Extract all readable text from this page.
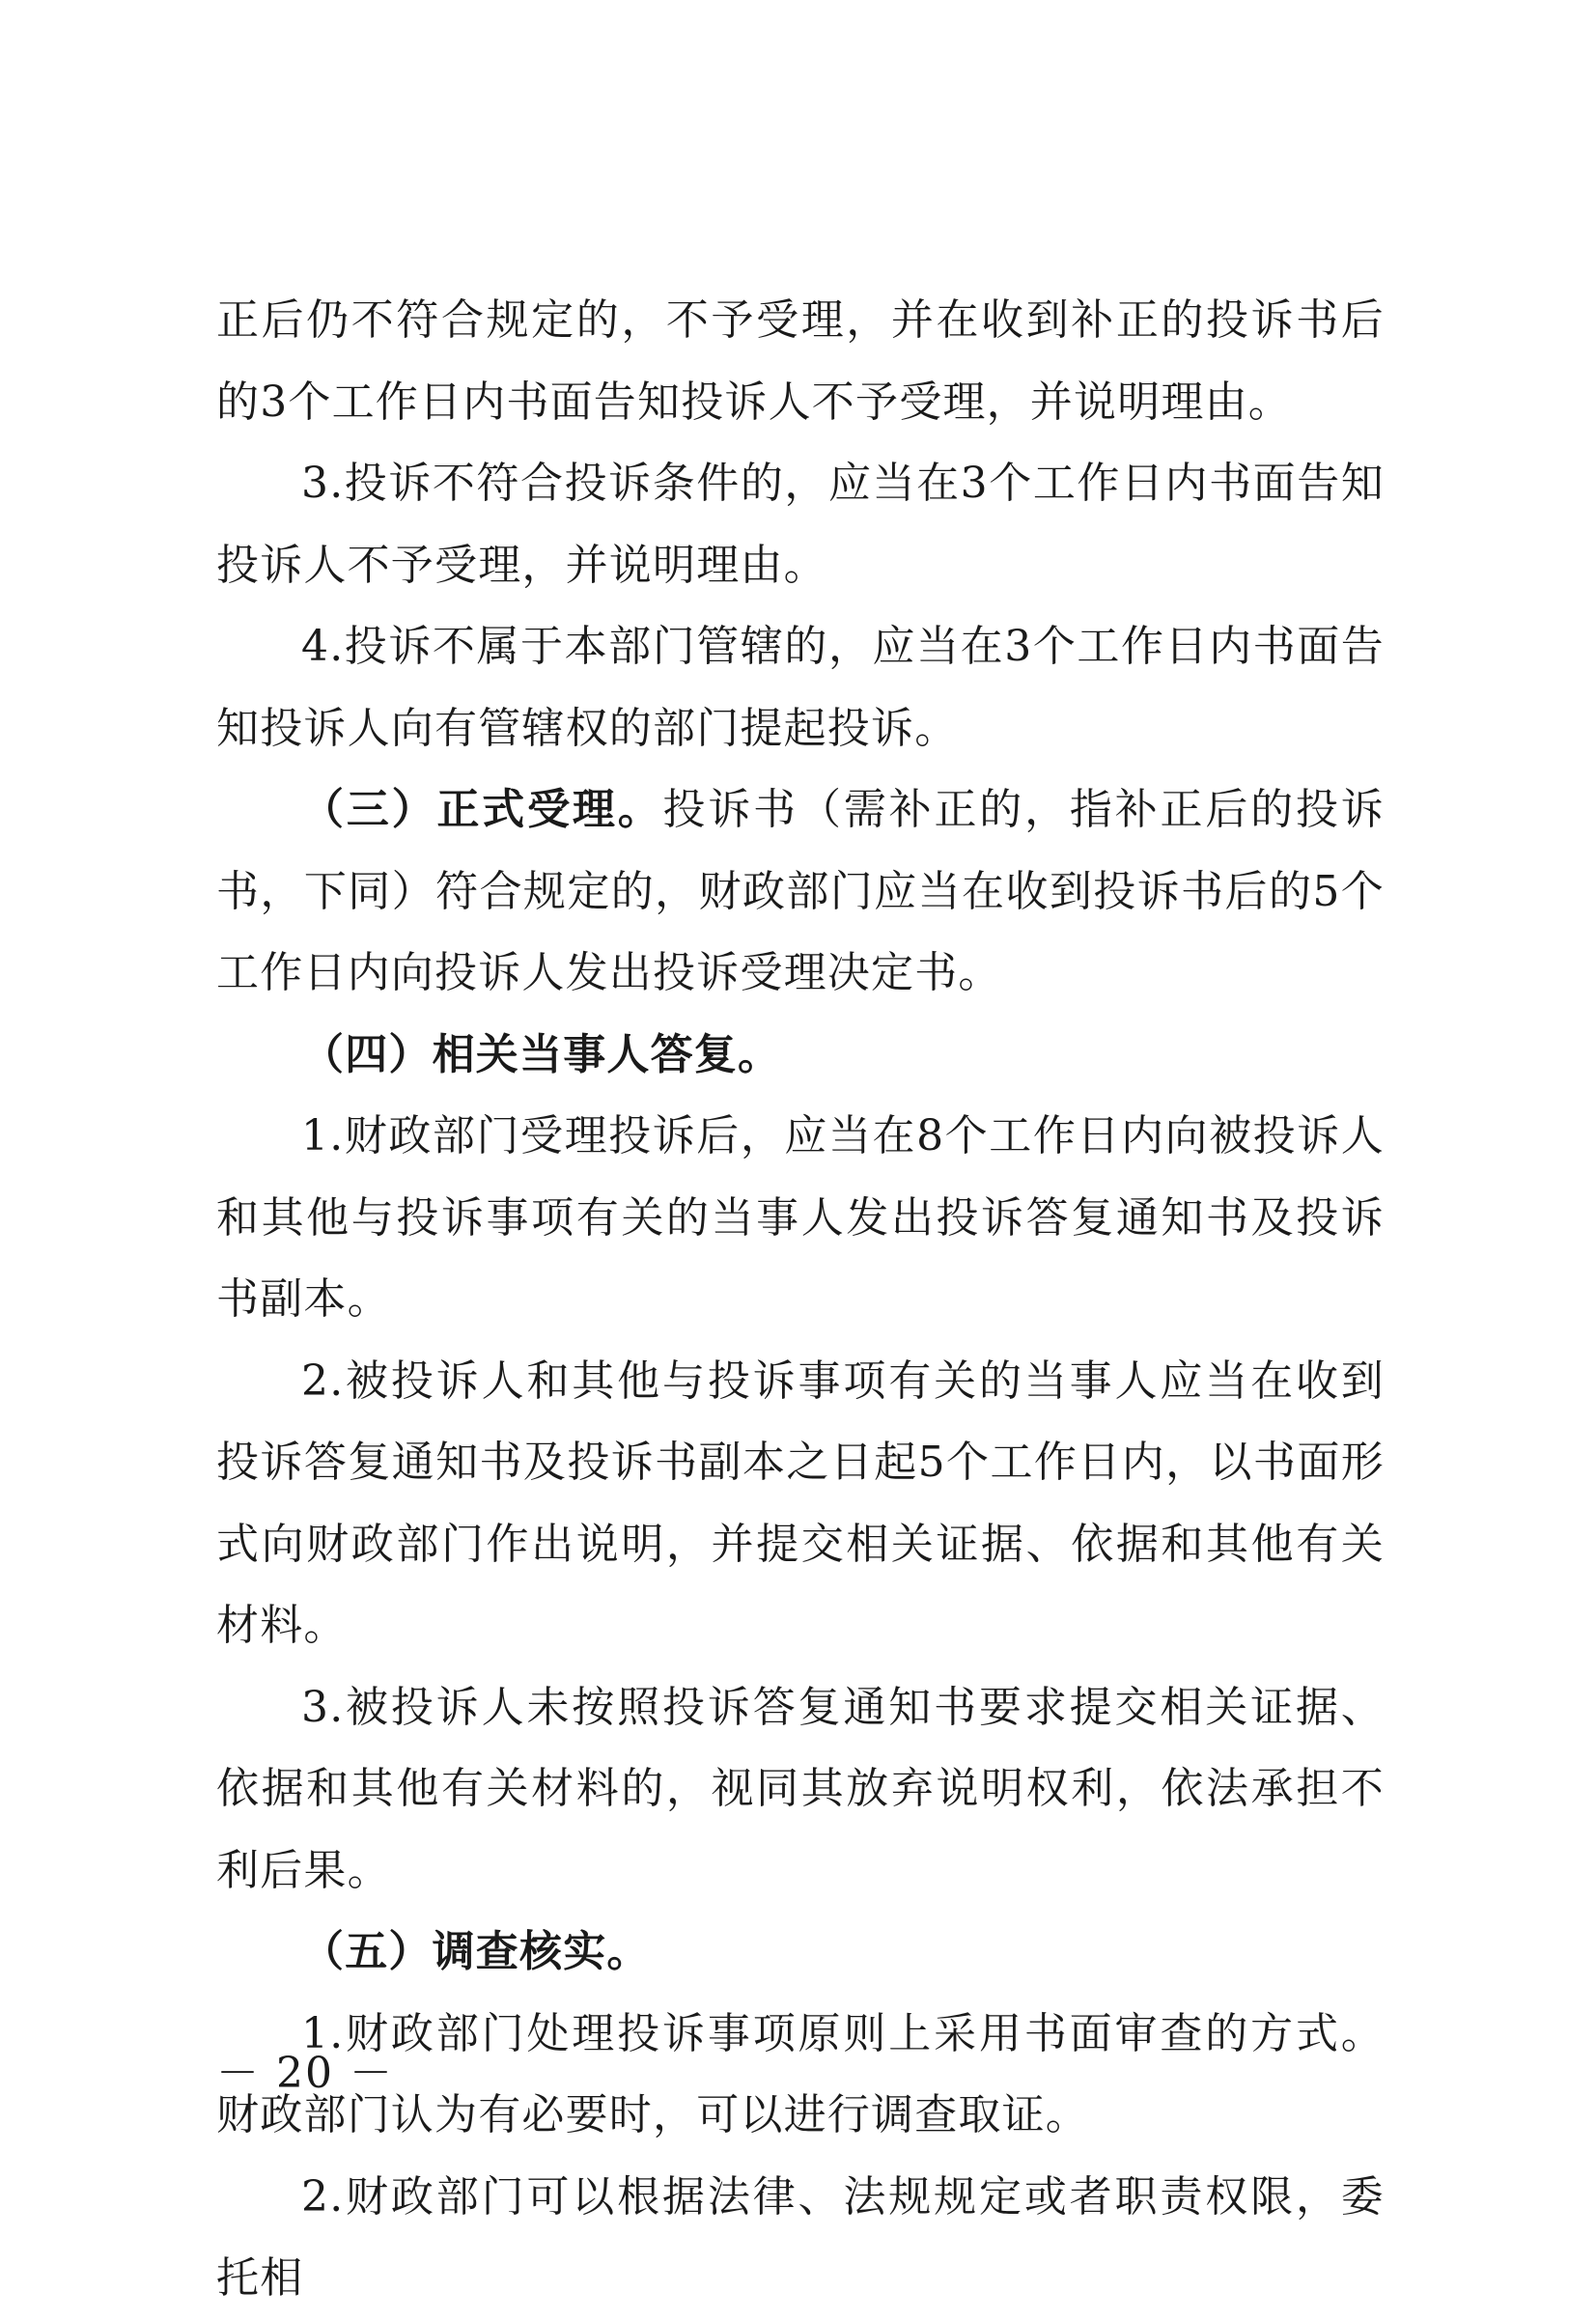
正后仍不符合规定的，不予受理，并在收到补正的投诉书后的3个工作日内书面告知投诉人不予受理，并说明理由。

3.投诉不符合投诉条件的，应当在3个工作日内书面告知投诉人不予受理，并说明理由。

4.投诉不属于本部门管辖的，应当在3个工作日内书面告知投诉人向有管辖权的部门提起投诉。

（三）正式受理。投诉书（需补正的，指补正后的投诉书，下同）符合规定的，财政部门应当在收到投诉书后的5个工作日内向投诉人发出投诉受理决定书。

（四）相关当事人答复。

1.财政部门受理投诉后，应当在8个工作日内向被投诉人和其他与投诉事项有关的当事人发出投诉答复通知书及投诉书副本。

2.被投诉人和其他与投诉事项有关的当事人应当在收到投诉答复通知书及投诉书副本之日起5个工作日内，以书面形式向财政部门作出说明，并提交相关证据、依据和其他有关材料。

3.被投诉人未按照投诉答复通知书要求提交相关证据、依据和其他有关材料的，视同其放弃说明权利，依法承担不利后果。

（五）调查核实。

1.财政部门处理投诉事项原则上采用书面审查的方式。财政部门认为有必要时，可以进行调查取证。

2.财政部门可以根据法律、法规规定或者职责权限，委托相

－ 20 －
